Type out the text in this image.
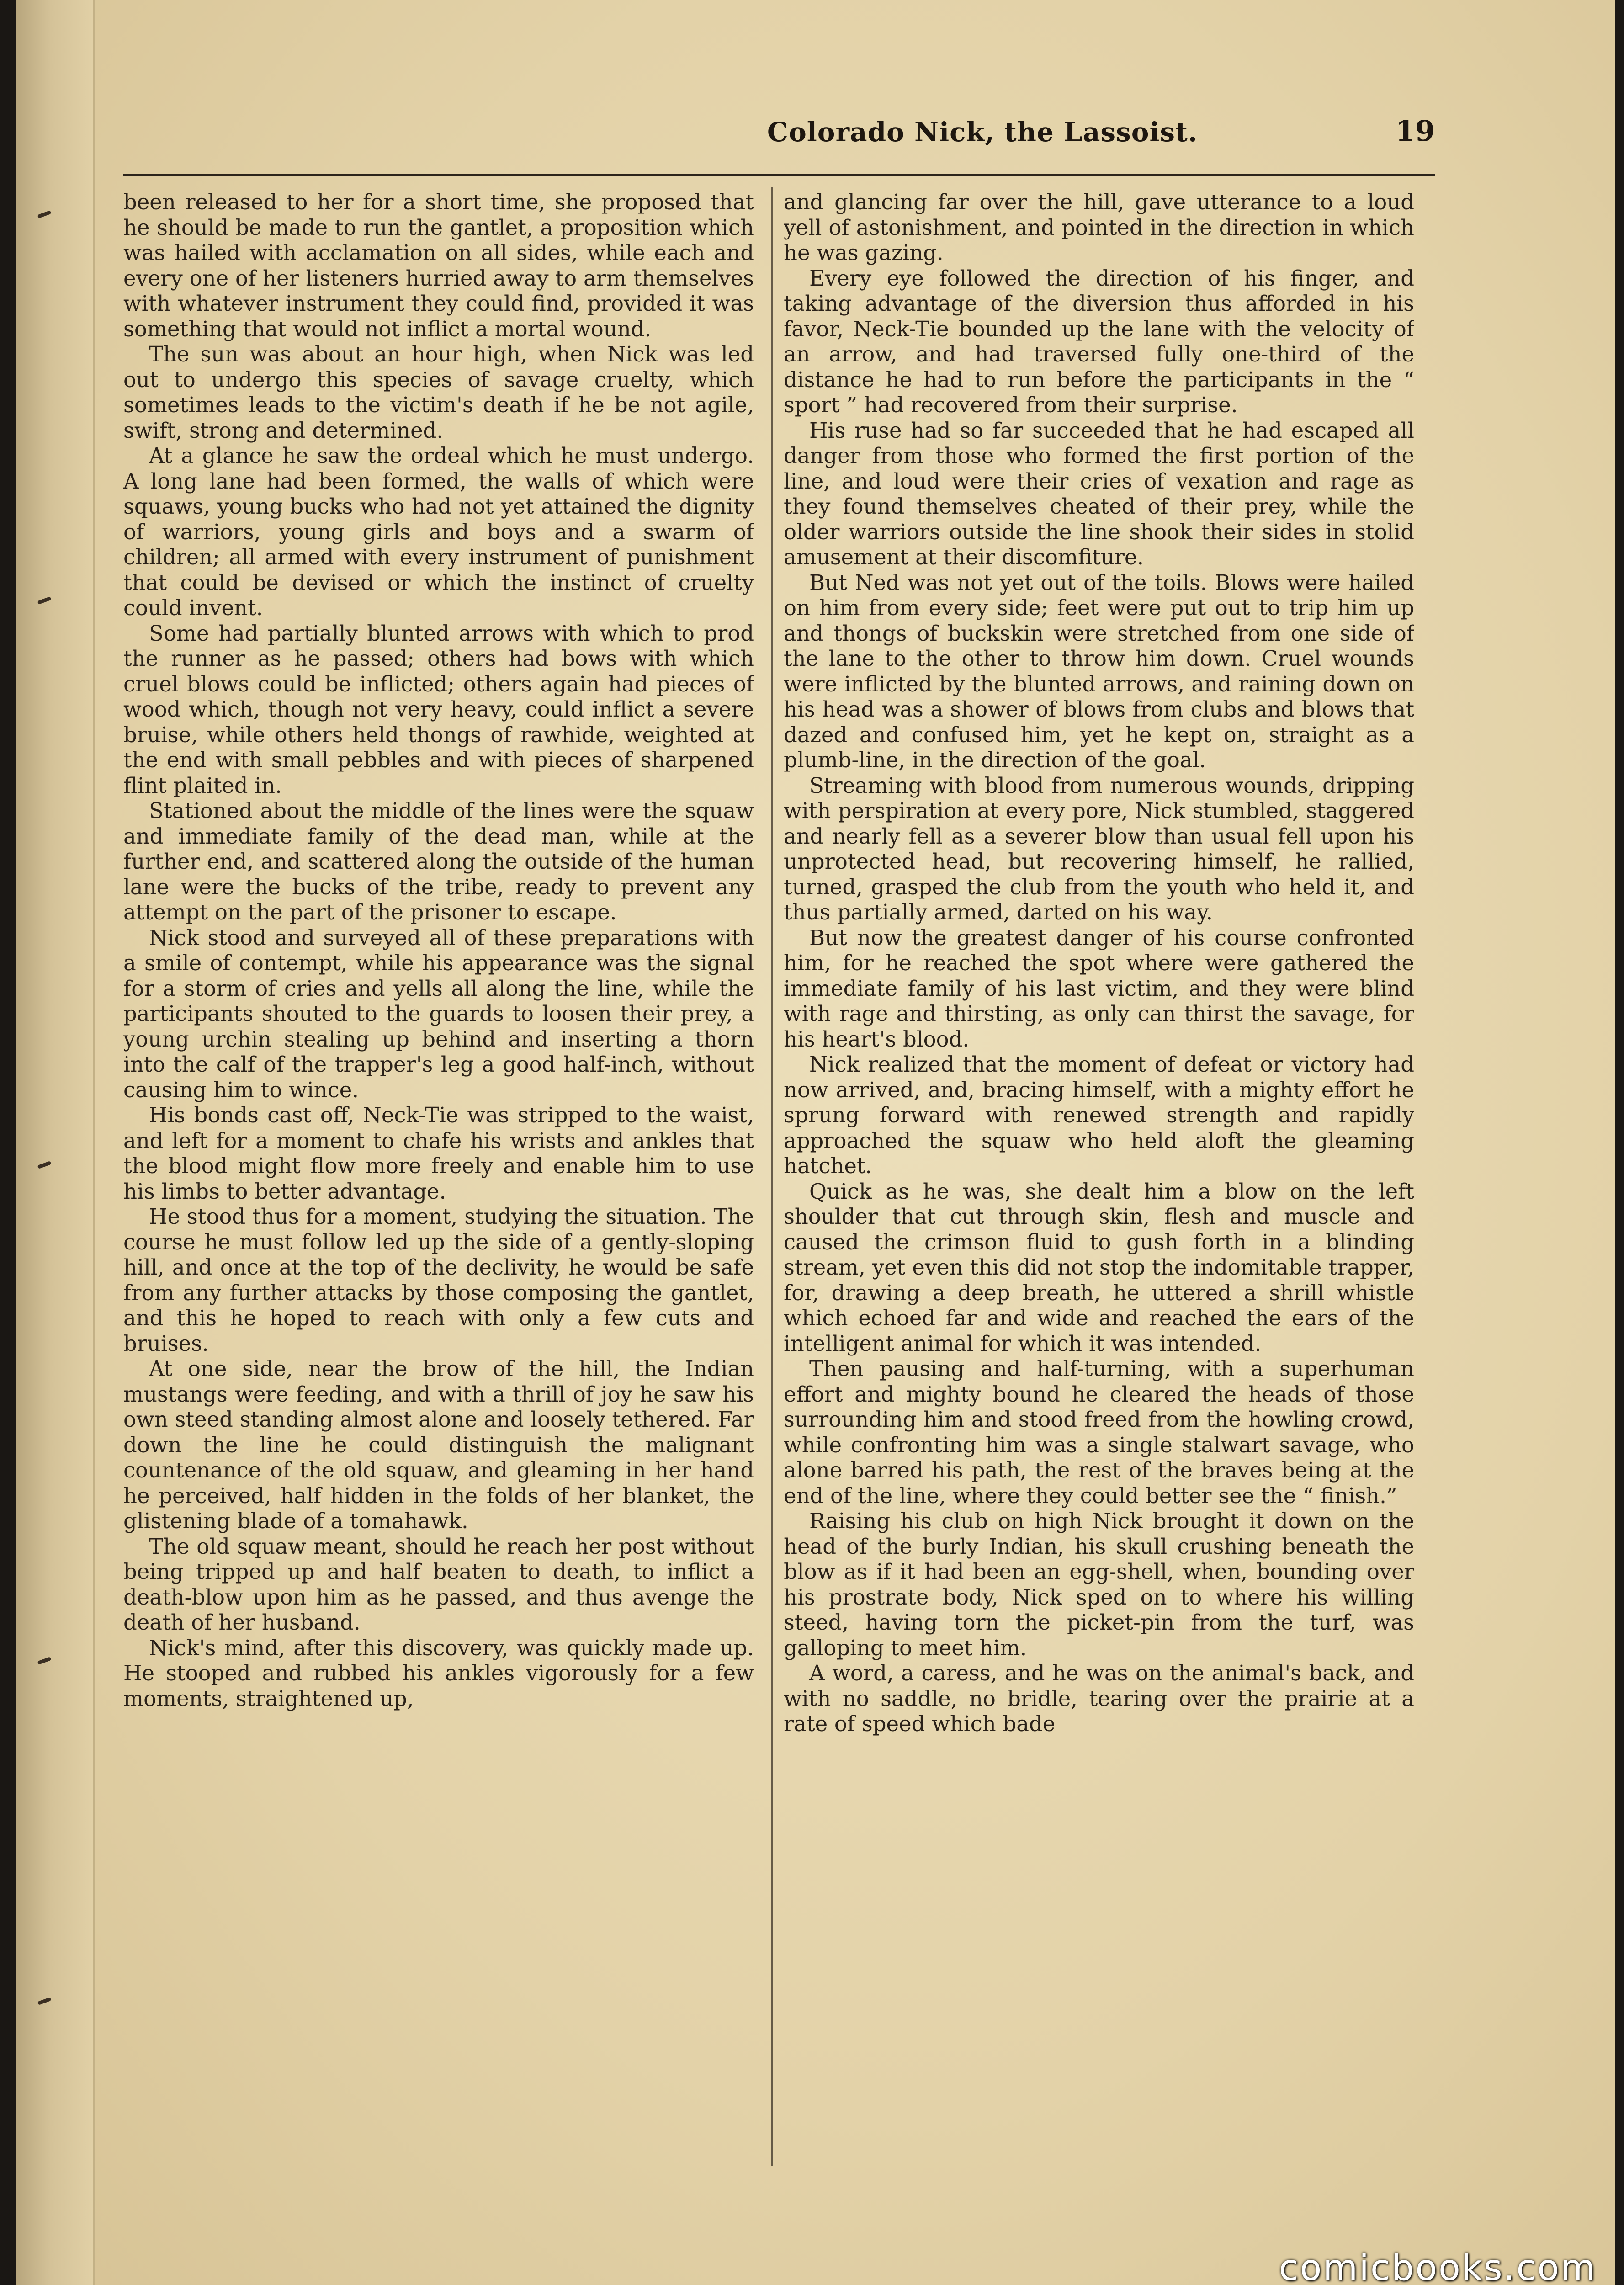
Colorado Nick, the Lassoist.	19

been released to her for a short time, she proposed that he should be made to run the gantlet, a proposition which was hailed with acclamation on all sides, while each and every one of her listeners hurried away to arm themselves with whatever instrument they could find, provided it was something that would not inflict a mortal wound.

The sun was about an hour high, when Nick was led out to undergo this species of savage cruelty, which sometimes leads to the victim's death if he be not agile, swift, strong and determined.

At a glance he saw the ordeal which he must undergo. A long lane had been formed, the walls of which were squaws, young bucks who had not yet attained the dignity of warriors, young girls and boys and a swarm of children; all armed with every instrument of punishment that could be devised or which the instinct of cruelty could invent.

Some had partially blunted arrows with which to prod the runner as he passed; others had bows with which cruel blows could be inflicted; others again had pieces of wood which, though not very heavy, could inflict a severe bruise, while others held thongs of rawhide, weighted at the end with small pebbles and with pieces of sharpened flint plaited in.

Stationed about the middle of the lines were the squaw and immediate family of the dead man, while at the further end, and scattered along the outside of the human lane were the bucks of the tribe, ready to prevent any attempt on the part of the prisoner to escape.

Nick stood and surveyed all of these preparations with a smile of contempt, while his appearance was the signal for a storm of cries and yells all along the line, while the participants shouted to the guards to loosen their prey, a young urchin stealing up behind and inserting a thorn into the calf of the trapper's leg a good half-inch, without causing him to wince.

His bonds cast off, Neck-Tie was stripped to the waist, and left for a moment to chafe his wrists and ankles that the blood might flow more freely and enable him to use his limbs to better advantage.

He stood thus for a moment, studying the situation. The course he must follow led up the side of a gently-sloping hill, and once at the top of the declivity, he would be safe from any further attacks by those composing the gantlet, and this he hoped to reach with only a few cuts and bruises.

At one side, near the brow of the hill, the Indian mustangs were feeding, and with a thrill of joy he saw his own steed standing almost alone and loosely tethered. Far down the line he could distinguish the malignant countenance of the old squaw, and gleaming in her hand he perceived, half hidden in the folds of her blanket, the glistening blade of a tomahawk.

The old squaw meant, should he reach her post without being tripped up and half beaten to death, to inflict a death-blow upon him as he passed, and thus avenge the death of her husband.

Nick's mind, after this discovery, was quickly made up. He stooped and rubbed his ankles vigorously for a few moments, straightened up,

and glancing far over the hill, gave utterance to a loud yell of astonishment, and pointed in the direction in which he was gazing.

Every eye followed the direction of his finger, and taking advantage of the diversion thus afforded in his favor, Neck-Tie bounded up the lane with the velocity of an arrow, and had traversed fully one-third of the distance he had to run before the participants in the “ sport ” had recovered from their surprise.

His ruse had so far succeeded that he had escaped all danger from those who formed the first portion of the line, and loud were their cries of vexation and rage as they found themselves cheated of their prey, while the older warriors outside the line shook their sides in stolid amusement at their discomfiture.

But Ned was not yet out of the toils. Blows were hailed on him from every side; feet were put out to trip him up and thongs of buckskin were stretched from one side of the lane to the other to throw him down. Cruel wounds were inflicted by the blunted arrows, and raining down on his head was a shower of blows from clubs and blows that dazed and confused him, yet he kept on, straight as a plumb-line, in the direction of the goal.

Streaming with blood from numerous wounds, dripping with perspiration at every pore, Nick stumbled, staggered and nearly fell as a severer blow than usual fell upon his unprotected head, but recovering himself, he rallied, turned, grasped the club from the youth who held it, and thus partially armed, darted on his way.

But now the greatest danger of his course confronted him, for he reached the spot where were gathered the immediate family of his last victim, and they were blind with rage and thirsting, as only can thirst the savage, for his heart's blood.

Nick realized that the moment of defeat or victory had now arrived, and, bracing himself, with a mighty effort he sprung forward with renewed strength and rapidly approached the squaw who held aloft the gleaming hatchet.

Quick as he was, she dealt him a blow on the left shoulder that cut through skin, flesh and muscle and caused the crimson fluid to gush forth in a blinding stream, yet even this did not stop the indomitable trapper, for, drawing a deep breath, he uttered a shrill whistle which echoed far and wide and reached the ears of the intelligent animal for which it was intended.

Then pausing and half-turning, with a superhuman effort and mighty bound he cleared the heads of those surrounding him and stood freed from the howling crowd, while confronting him was a single stalwart savage, who alone barred his path, the rest of the braves being at the end of the line, where they could better see the “ finish.”

Raising his club on high Nick brought it down on the head of the burly Indian, his skull crushing beneath the blow as if it had been an egg-shell, when, bounding over his prostrate body, Nick sped on to where his willing steed, having torn the picket-pin from the turf, was galloping to meet him.

A word, a caress, and he was on the animal's back, and with no saddle, no bridle, tearing over the prairie at a rate of speed which bade

comicbooks.com
